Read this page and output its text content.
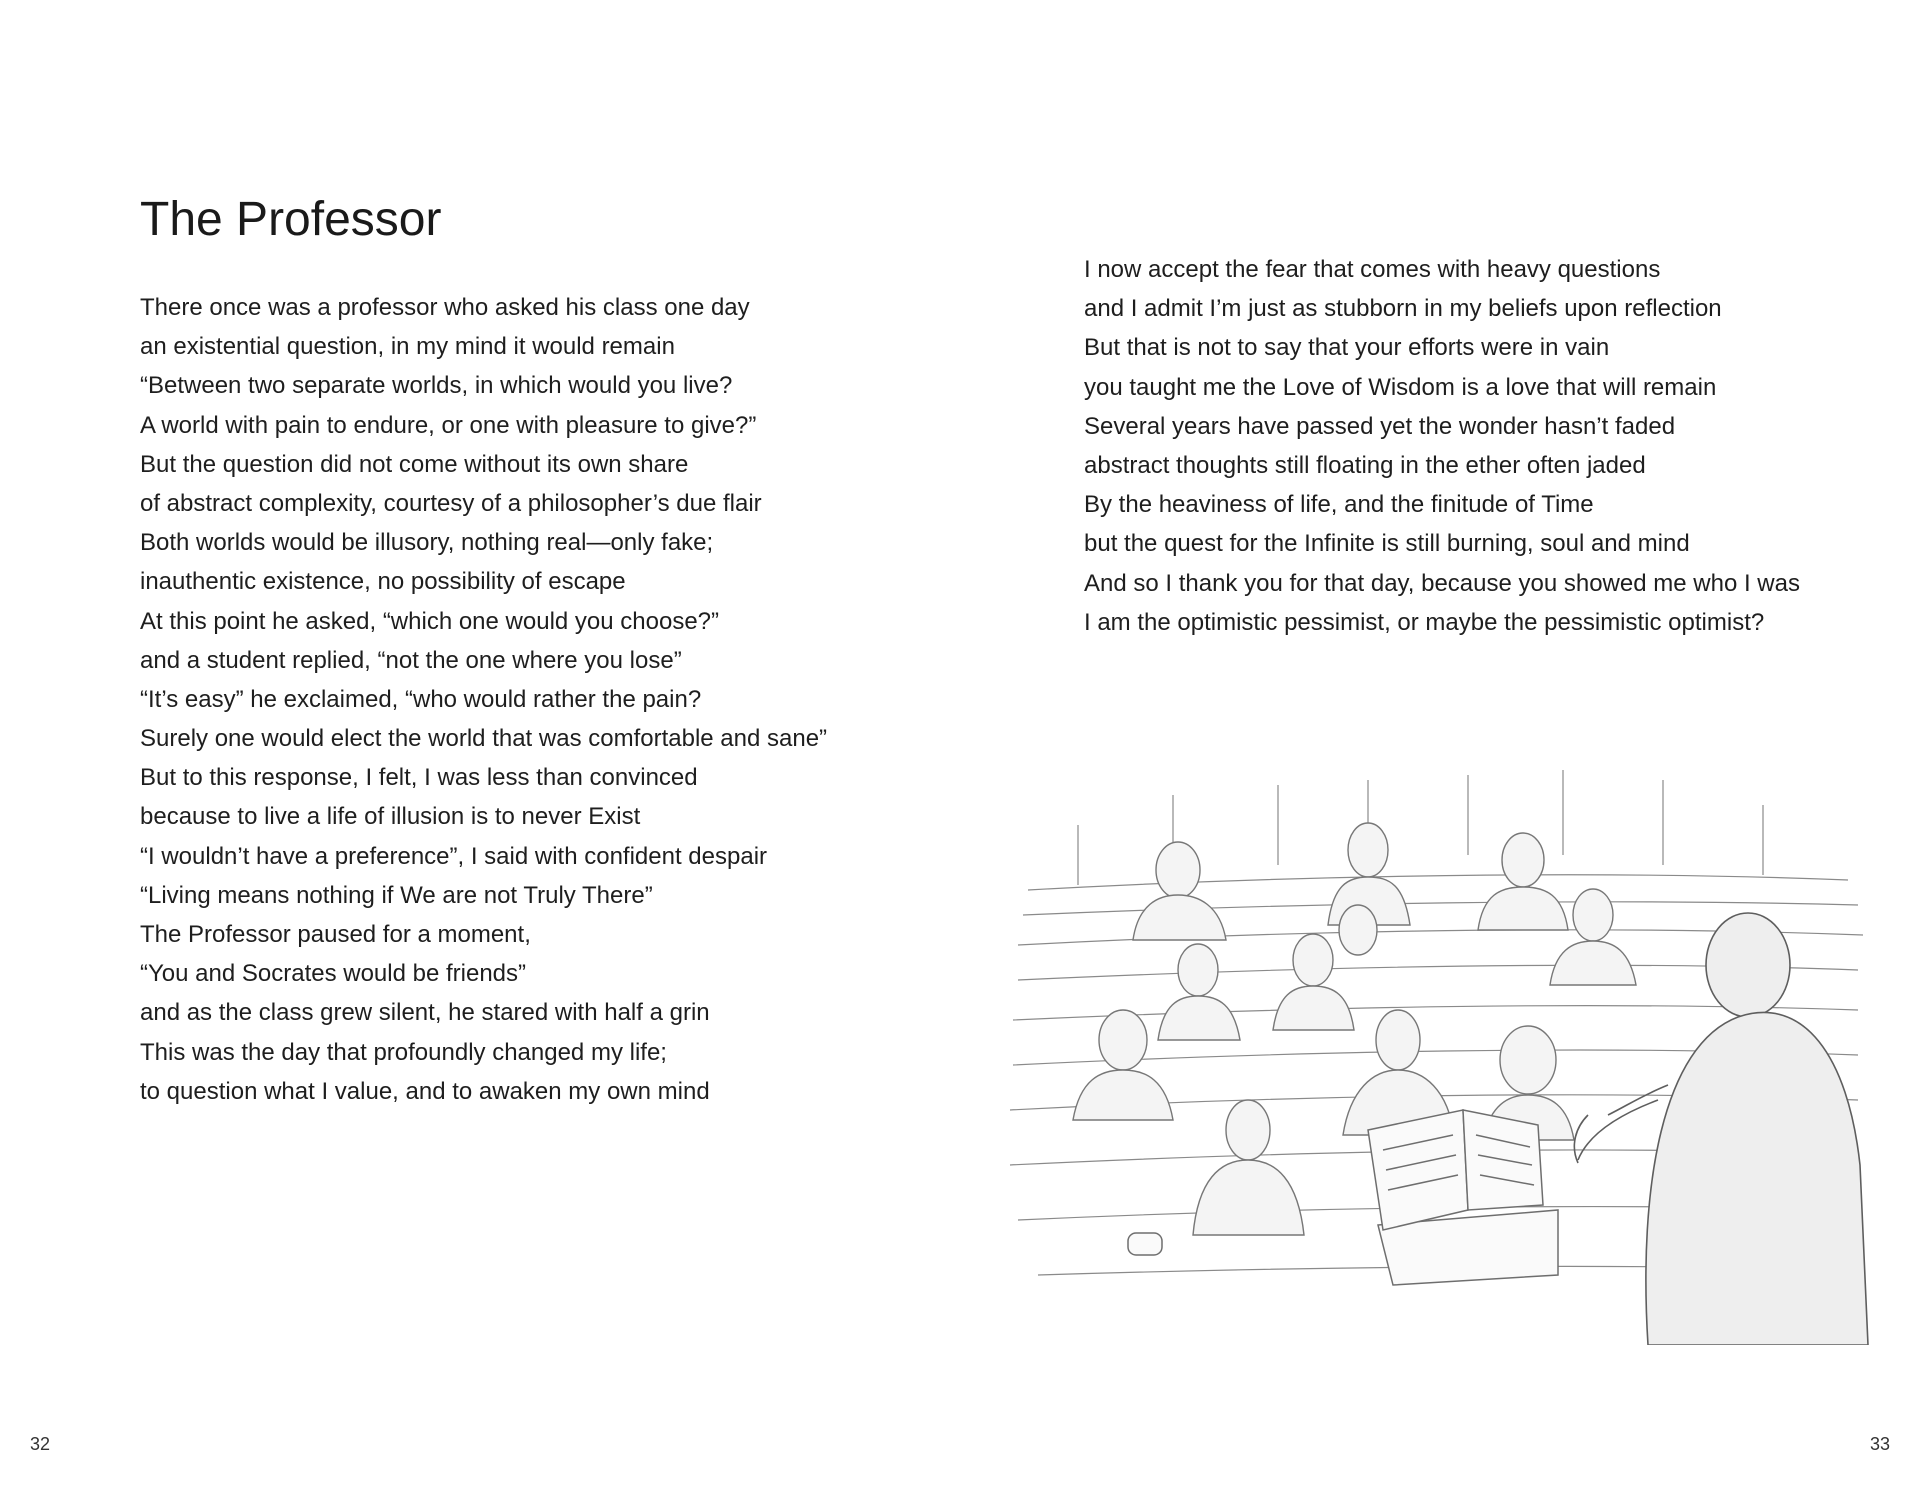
The Professor
There once was a professor who asked his class one day
an existential question, in my mind it would remain
“Between two separate worlds, in which would you live?
A world with pain to endure, or one with pleasure to give?”
But the question did not come without its own share
of abstract complexity, courtesy of a philosopher’s due flair
Both worlds would be illusory, nothing real—only fake;
inauthentic existence, no possibility of escape
At this point he asked, “which one would you choose?”
and a student replied, “not the one where you lose”
“It’s easy” he exclaimed, “who would rather the pain?
Surely one would elect the world that was comfortable and sane”
But to this response, I felt, I was less than convinced
because to live a life of illusion is to never Exist
“I wouldn’t have a preference”, I said with confident despair
“Living means nothing if We are not Truly There”
The Professor paused for a moment,
“You and Socrates would be friends”
and as the class grew silent, he stared with half a grin
This was the day that profoundly changed my life;
to question what I value, and to awaken my own mind
32
I now accept the fear that comes with heavy questions
and I admit I’m just as stubborn in my beliefs upon reflection
But that is not to say that your efforts were in vain
you taught me the Love of Wisdom is a love that will remain
Several years have passed yet the wonder hasn’t faded
abstract thoughts still floating in the ether often jaded
By the heaviness of life, and the finitude of Time
but the quest for the Infinite is still burning, soul and mind
And so I thank you for that day, because you showed me who I was
I am the optimistic pessimist, or maybe the pessimistic optimist?
33
